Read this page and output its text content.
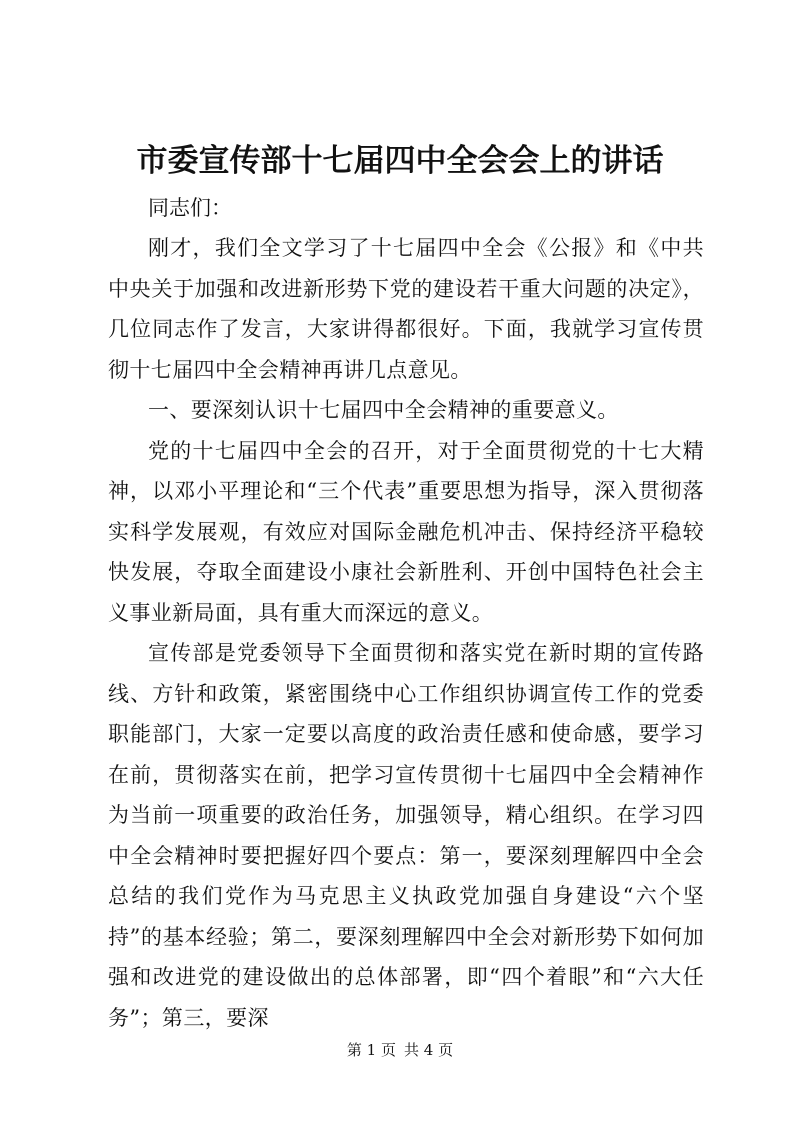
市委宣传部十七届四中全会会上的讲话

同志们：

刚才，我们全文学习了十七届四中全会《公报》和《中共中央关于加强和改进新形势下党的建设若干重大问题的决定》，几位同志作了发言，大家讲得都很好。下面，我就学习宣传贯彻十七届四中全会精神再讲几点意见。

一、要深刻认识十七届四中全会精神的重要意义。

党的十七届四中全会的召开，对于全面贯彻党的十七大精神，以邓小平理论和“三个代表”重要思想为指导，深入贯彻落实科学发展观，有效应对国际金融危机冲击、保持经济平稳较快发展，夺取全面建设小康社会新胜利、开创中国特色社会主义事业新局面，具有重大而深远的意义。

宣传部是党委领导下全面贯彻和落实党在新时期的宣传路线、方针和政策，紧密围绕中心工作组织协调宣传工作的党委职能部门，大家一定要以高度的政治责任感和使命感，要学习在前，贯彻落实在前，把学习宣传贯彻十七届四中全会精神作为当前一项重要的政治任务，加强领导，精心组织。在学习四中全会精神时要把握好四个要点：第一，要深刻理解四中全会总结的我们党作为马克思主义执政党加强自身建设“六个坚持”的基本经验；第二，要深刻理解四中全会对新形势下如何加强和改进党的建设做出的总体部署，即“四个着眼”和“六大任务”；第三，要深

第 1 页 共 4 页
